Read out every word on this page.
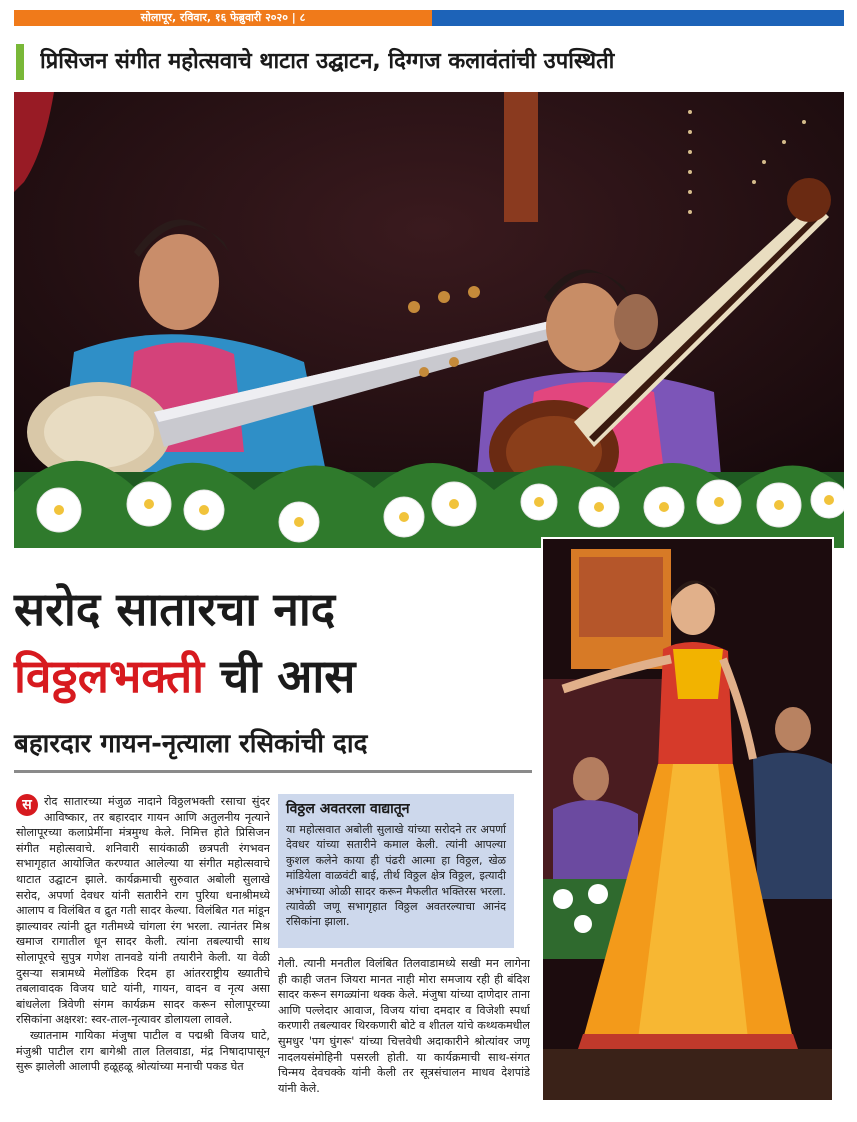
सोलापूर, रविवार, १६ फेब्रुवारी २०२० | ८
प्रिसिजन संगीत महोत्सवाचे थाटात उद्घाटन, दिग्गज कलावंतांची उपस्थिती
सरोद सातारचा नाद
विठ्ठलभक्ती ची आस
बहारदार गायन-नृत्याला रसिकांची दाद
स	रोद सातारच्या मंजुळ नादाने विठ्ठलभक्ती रसाचा सुंदर आविष्कार, तर बहारदार गायन आणि अतुलनीय नृत्याने सोलापूरच्या कलाप्रेमींना मंत्रमुग्ध केले. निमित्त होते प्रिसिजन संगीत महोत्सवाचे. शनिवारी सायंकाळी छत्रपती रंगभवन सभागृहात आयोजित करण्यात आलेल्या या संगीत महोत्सवाचे थाटात उद्घाटन झाले. कार्यक्रमाची सुरुवात अबोली सुलाखे सरोद, अपर्णा देवधर यांनी सतारीने राग पुरिया धनाश्रीमध्ये आलाप व विलंबित व द्रुत गती सादर केल्या. विलंबित गत मांडून झाल्यावर त्यांनी द्रुत गतीमध्ये चांगला रंग भरला. त्यानंतर मिश्र खमाज रागातील धून सादर केली. त्यांना तबल्याची साथ सोलापूरचे सुपुत्र गणेश तानवडे यांनी तयारीने केली. या वेळी दुसऱ्या सत्रामध्ये मेलॉडिक रिदम हा आंतरराष्ट्रीय ख्यातीचे तबलावादक विजय घाटे यांनी, गायन, वादन व नृत्य असा बांधलेला त्रिवेणी संगम कार्यक्रम सादर करून सोलापूरच्या रसिकांना अक्षरश: स्वर-ताल-नृत्यावर डोलायला लावले.

ख्यातनाम गायिका मंजुषा पाटील व पद्मश्री विजय घाटे, मंजुश्री पाटील राग बागेश्री ताल तिलवाडा, मंद्र निषादापासून सुरू झालेली आलापी हळूहळू श्रोत्यांच्या मनाची पकड घेत

विठ्ठल अवतरला वाद्यातून
या महोत्सवात अबोली सुलाखे यांच्या सरोदने तर अपर्णा देवधर यांच्या सतारीने कमाल केली. त्यांनी आपल्या कुशल कलेने काया ही पंढरी आत्मा हा विठ्ठल, खेळ मांडियेला वाळवंटी बाई, तीर्थ विठ्ठल क्षेत्र विठ्ठल, इत्यादी अभंगाच्या ओळी सादर करून मैफलीत भक्तिरस भरला. त्यावेळी जणू सभागृहात विठ्ठल अवतरल्याचा आनंद रसिकांना झाला.

गेली. त्यानी मनतील विलंबित तिलवाडामध्ये सखी मन लागेना ही काही जतन जियरा मानत नाही मोरा समजाय रही ही बंदिश सादर करून सगळ्यांना थक्क केले. मंजुषा यांच्या दाणेदार ताना आणि पल्लेदार आवाज, विजय यांचा दमदार व विजेशी स्पर्धा करणारी तबल्यावर थिरकणारी बोटे व शीतल यांचे कथ्थकमधील सुमधुर 'पग घुंगरू' यांच्या चित्तवेधी अदाकारीने श्रोत्यांवर जणू नादलयसंमोहिनी पसरली होती. या कार्यक्रमाची साथ-संगत चिन्मय देवचक्के यांनी केली तर सूत्रसंचालन माधव देशपांडे यांनी केले.
